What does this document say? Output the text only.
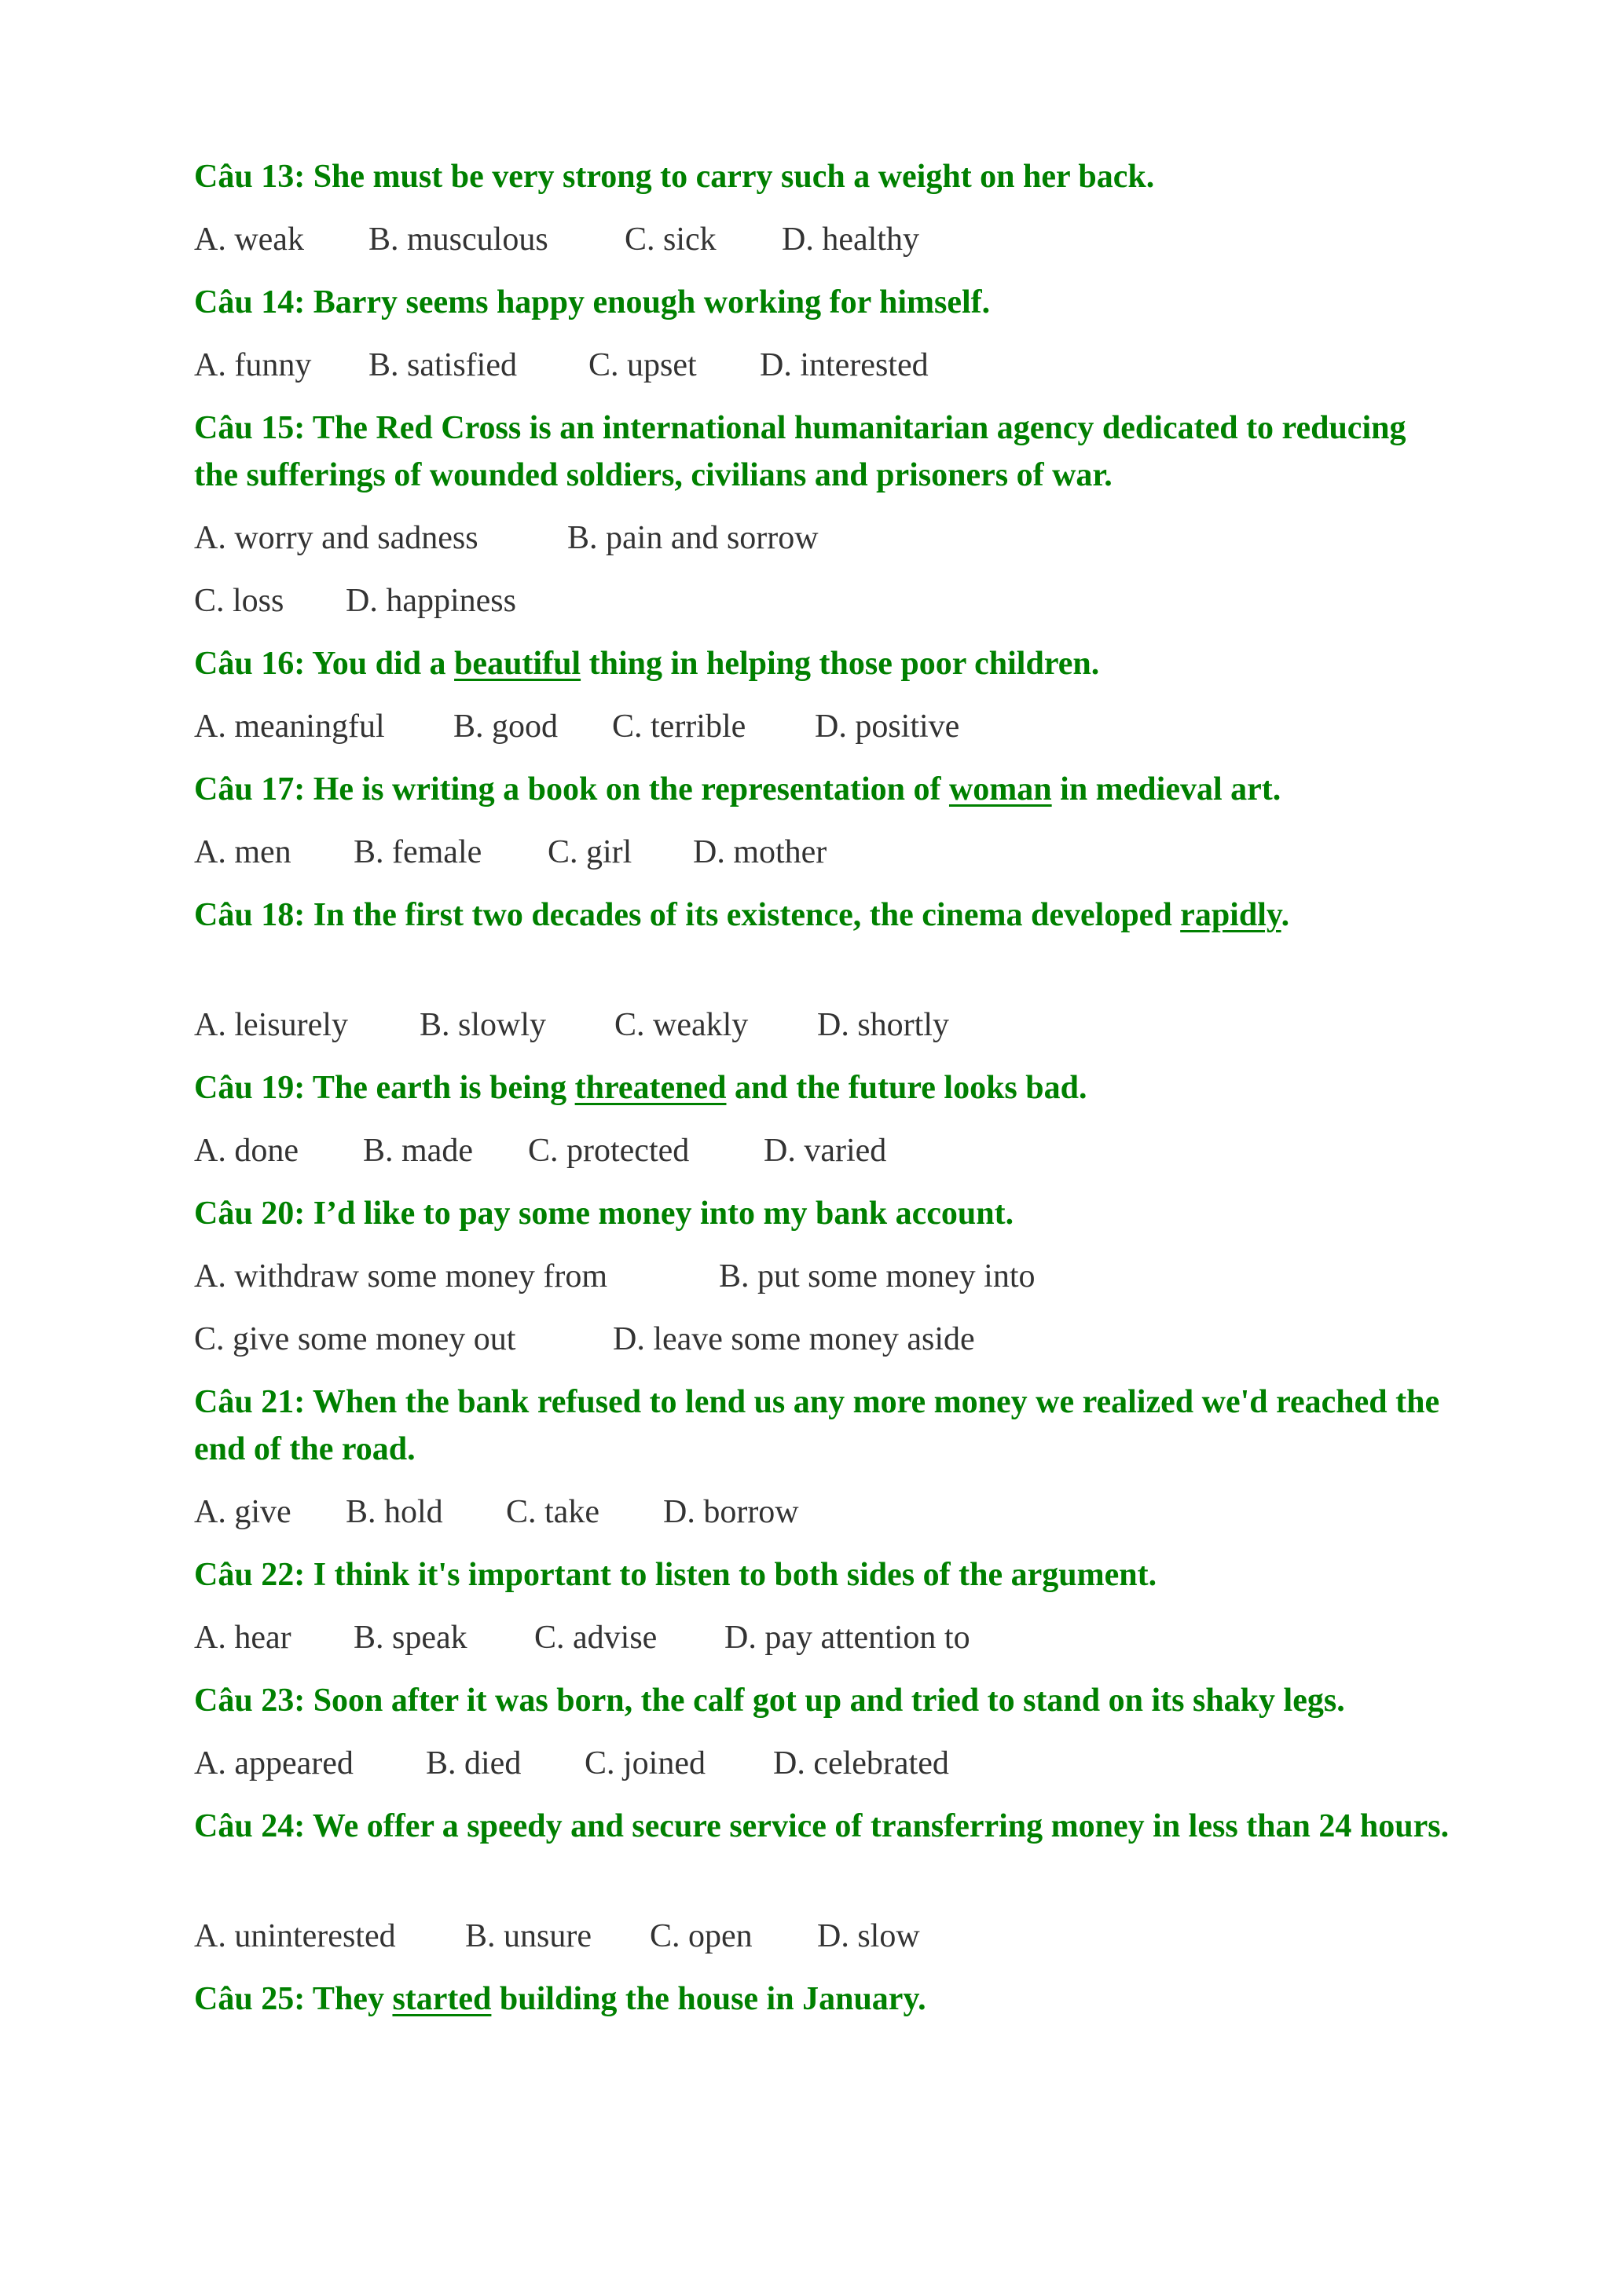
Câu 13: She must be very strong to carry such a weight on her back.

A. weak B. musculous C. sick D. healthy

Câu 14: Barry seems happy enough working for himself.

A. funny B. satisfied C. upset D. interested

Câu 15: The Red Cross is an international humanitarian agency dedicated to reducing the sufferings of wounded soldiers, civilians and prisoners of war.

A. worry and sadness	B. pain and sorrow
C. loss D. happiness

Câu 16: You did a beautiful thing in helping those poor children.

A. meaningful B. good C. terrible D. positive

Câu 17: He is writing a book on the representation of woman in medieval art.

A. men B. female C. girl D. mother

Câu 18: In the first two decades of its existence, the cinema developed rapidly.

A. leisurely B. slowly C. weakly D. shortly

Câu 19: The earth is being threatened and the future looks bad.

A. done B. made C. protected D. varied

Câu 20: I’d like to pay some money into my bank account.

A. withdraw some money from	B. put some money into
C. give some money out	D. leave some money aside

Câu 21: When the bank refused to lend us any more money we realized we'd reached the end of the road.

A. give B. hold C. take D. borrow

Câu 22: I think it's important to listen to both sides of the argument.

A. hear B. speak C. advise D. pay attention to

Câu 23: Soon after it was born, the calf got up and tried to stand on its shaky legs.

A. appeared B. died C. joined D. celebrated

Câu 24: We offer a speedy and secure service of transferring money in less than 24 hours.

A. uninterested B. unsure C. open D. slow

Câu 25: They started building the house in January.
